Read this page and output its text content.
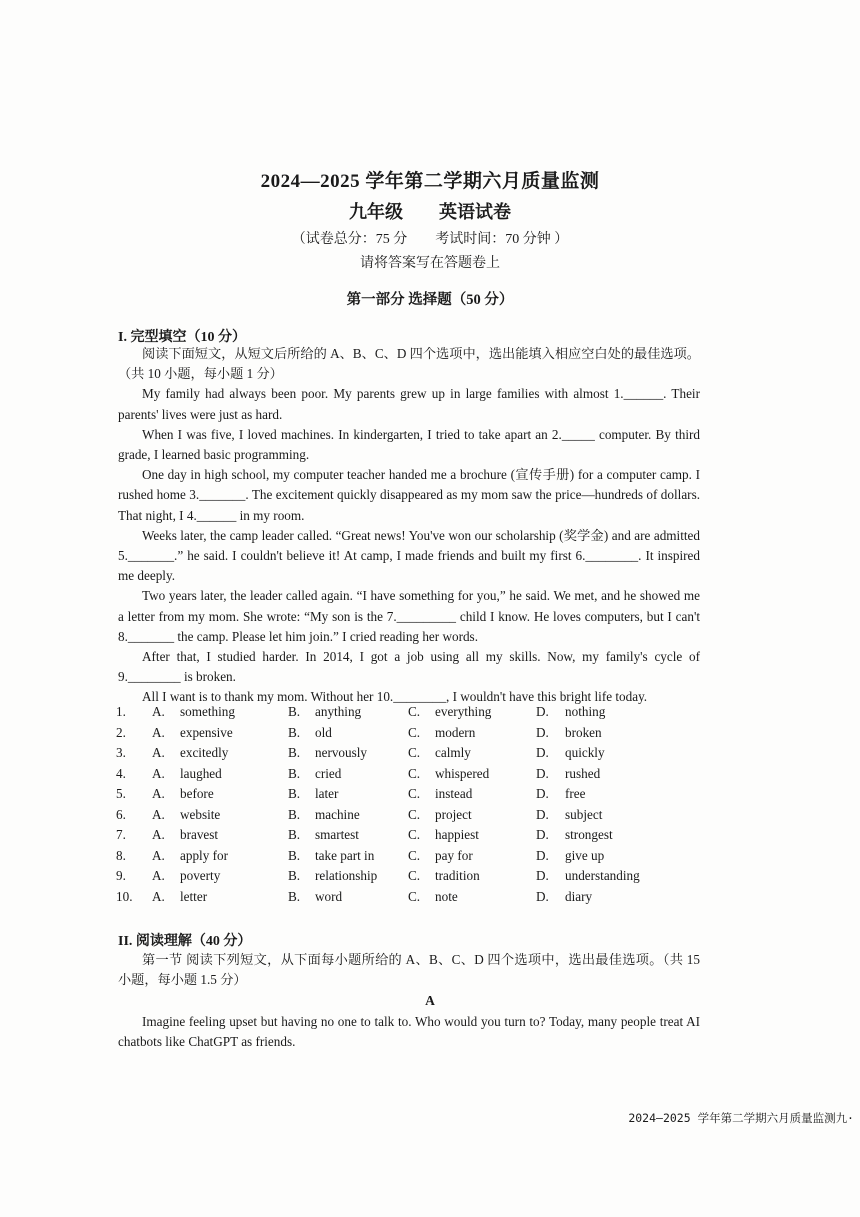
2024—2025 学年第二学期六月质量监测
九年级 英语试卷
（试卷总分：75 分 考试时间：70 分钟 ）
请将答案写在答题卷上
第一部分 选择题（50 分）
I. 完型填空（10 分）

阅读下面短文，从短文后所给的 A、B、C、D 四个选项中，选出能填入相应空白处的最佳选项。（共 10 小题，每小题 1 分）

My family had always been poor. My parents grew up in large families with almost 1.______. Their parents' lives were just as hard.

When I was five, I loved machines. In kindergarten, I tried to take apart an 2._____ computer. By third grade, I learned basic programming.

One day in high school, my computer teacher handed me a brochure (宣传手册) for a computer camp. I rushed home 3._______. The excitement quickly disappeared as my mom saw the price—hundreds of dollars. That night, I 4.______ in my room.

Weeks later, the camp leader called. “Great news! You've won our scholarship (奖学金) and are admitted 5._______.” he said. I couldn't believe it! At camp, I made friends and built my first 6.________. It inspired me deeply.

Two years later, the leader called again. “I have something for you,” he said. We met, and he showed me a letter from my mom. She wrote: “My son is the 7._________ child I know. He loves computers, but I can't 8._______ the camp. Please let him join.” I cried reading her words.

After that, I studied harder. In 2014, I got a job using all my skills. Now, my family's cycle of 9.________ is broken.

All I want is to thank my mom. Without her 10.________, I wouldn't have this bright life today.

1. A. something	B. anything	C. everything	D. nothing
2. A. expensive	B. old	C. modern	D. broken
3. A. excitedly	B. nervously	C. calmly	D. quickly
4. A. laughed	B. cried	C. whispered	D. rushed
5. A. before	B. later	C. instead	D. free
6. A. website	B. machine	C. project	D. subject
7. A. bravest	B. smartest	C. happiest	D. strongest
8. A. apply for	B. take part in	C. pay for	D. give up
9. A. poverty	B. relationship C. tradition	D. understanding
10. A. letter	B. word	C. note	D. diary
II. 阅读理解（40 分）

第一节 阅读下列短文，从下面每小题所给的 A、B、C、D 四个选项中，选出最佳选项。（共 15 小题，每小题 1.5 分）

A

Imagine feeling upset but having no one to talk to. Who would you turn to? Today, many people treat AI chatbots like ChatGPT as friends.

2024—2025 学年第二学期六月质量监测九·
